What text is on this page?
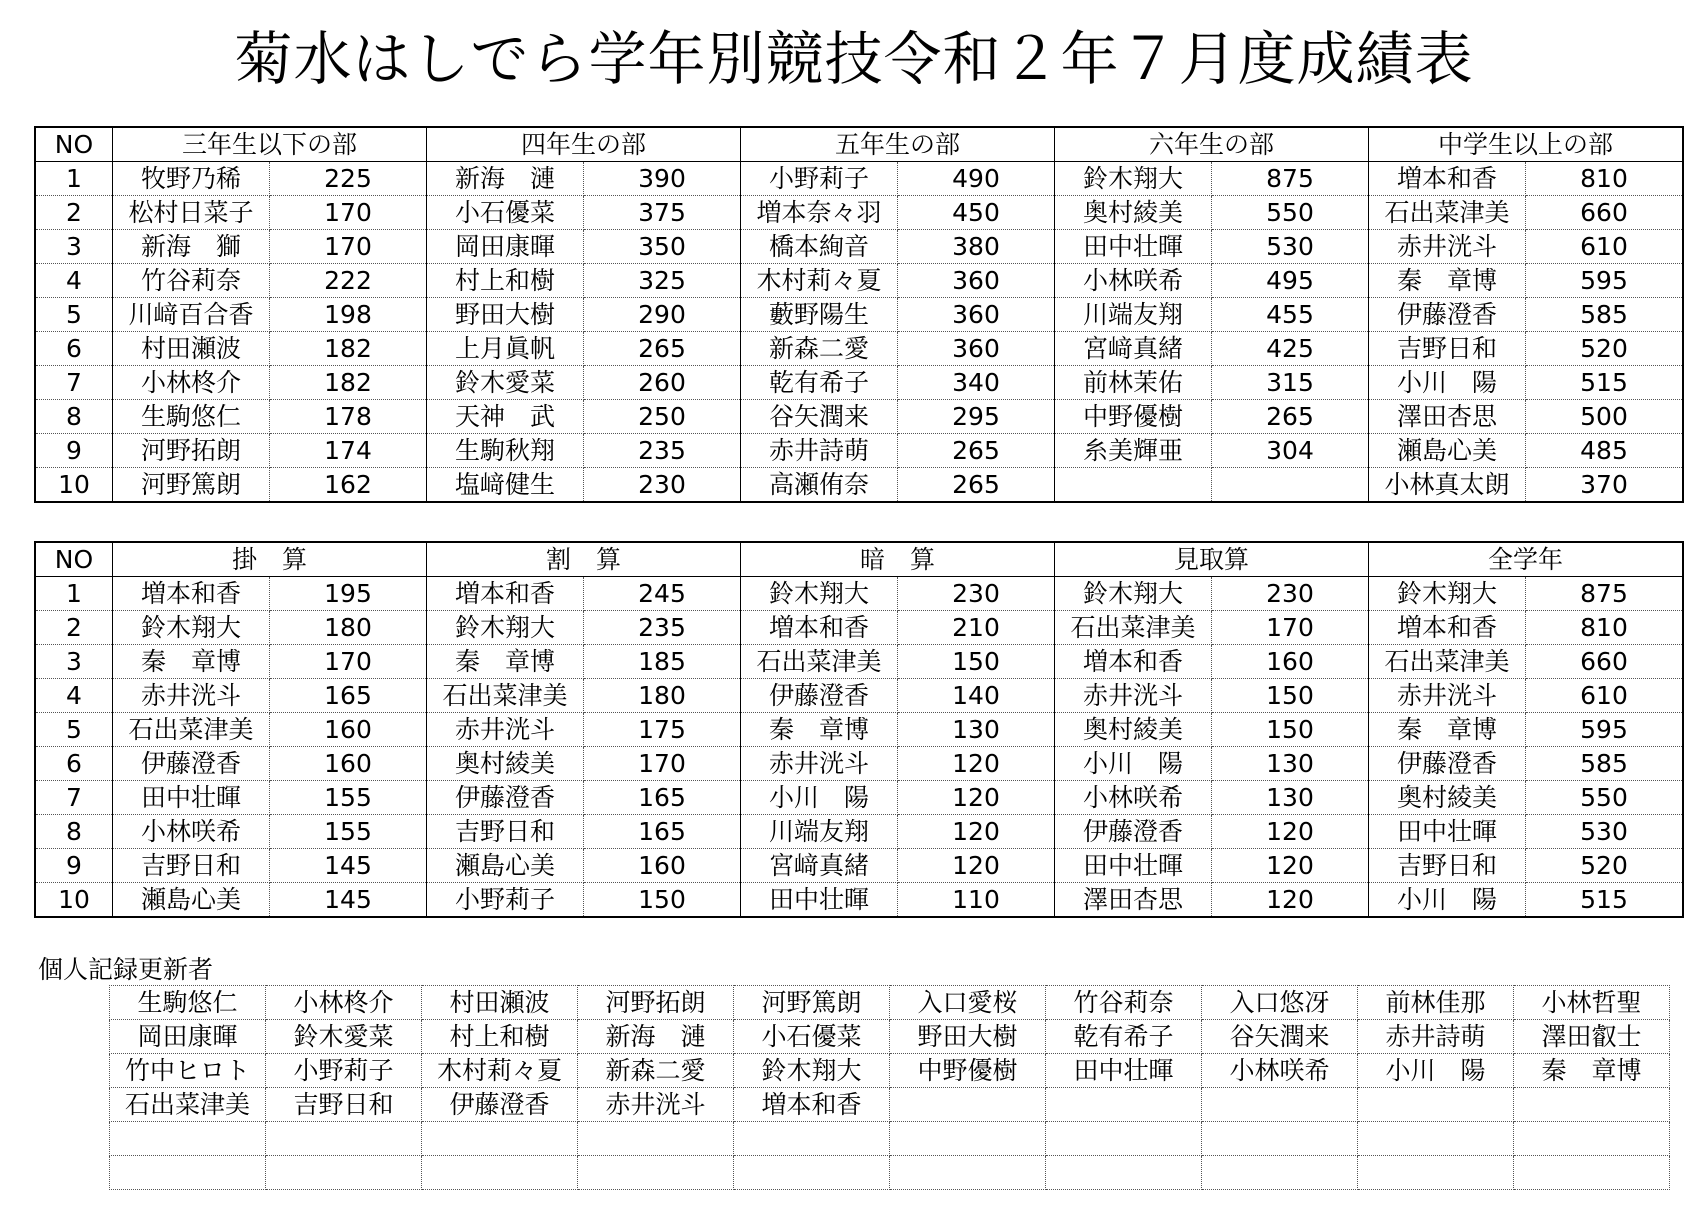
菊水はしでら学年別競技令和２年７月度成績表
NO	三年生以下の部		四年生の部		五年生の部		六年生の部		中学生以上の部	
1	牧野乃稀	225	新海　漣	390	小野莉子	490	鈴木翔大	875	増本和香	810
2	松村日菜子	170	小石優菜	375	増本奈々羽	450	奥村綾美	550	石出菜津美	660
3	新海　獅	170	岡田康暉	350	橋本絢音	380	田中壮暉	530	赤井洸斗	610
4	竹谷莉奈	222	村上和樹	325	木村莉々夏	360	小林咲希	495	秦　章博	595
5	川﨑百合香	198	野田大樹	290	藪野陽生	360	川端友翔	455	伊藤澄香	585
6	村田瀬波	182	上月眞帆	265	新森二愛	360	宮﨑真緒	425	吉野日和	520
7	小林柊介	182	鈴木愛菜	260	乾有希子	340	前林茉佑	315	小川　陽	515
8	生駒悠仁	178	天神　武	250	谷矢潤来	295	中野優樹	265	澤田杏思	500
9	河野拓朗	174	生駒秋翔	235	赤井詩萌	265	糸美輝亜	304	瀬島心美	485
10	河野篤朗	162	塩﨑健生	230	高瀬侑奈	265			小林真太朗	370
NO	掛　算		割　算		暗　算		見取算		全学年	
1	増本和香	195	増本和香	245	鈴木翔大	230	鈴木翔大	230	鈴木翔大	875
2	鈴木翔大	180	鈴木翔大	235	増本和香	210	石出菜津美	170	増本和香	810
3	秦　章博	170	秦　章博	185	石出菜津美	150	増本和香	160	石出菜津美	660
4	赤井洸斗	165	石出菜津美	180	伊藤澄香	140	赤井洸斗	150	赤井洸斗	610
5	石出菜津美	160	赤井洸斗	175	秦　章博	130	奥村綾美	150	秦　章博	595
6	伊藤澄香	160	奥村綾美	170	赤井洸斗	120	小川　陽	130	伊藤澄香	585
7	田中壮暉	155	伊藤澄香	165	小川　陽	120	小林咲希	130	奥村綾美	550
8	小林咲希	155	吉野日和	165	川端友翔	120	伊藤澄香	120	田中壮暉	530
9	吉野日和	145	瀬島心美	160	宮﨑真緒	120	田中壮暉	120	吉野日和	520
10	瀬島心美	145	小野莉子	150	田中壮暉	110	澤田杏思	120	小川　陽	515
個人記録更新者
生駒悠仁	小林柊介	村田瀬波	河野拓朗	河野篤朗	入口愛桜	竹谷莉奈	入口悠冴	前林佳那	小林哲聖
岡田康暉	鈴木愛菜	村上和樹	新海　漣	小石優菜	野田大樹	乾有希子	谷矢潤来	赤井詩萌	澤田叡士
竹中ヒロト	小野莉子	木村莉々夏	新森二愛	鈴木翔大	中野優樹	田中壮暉	小林咲希	小川　陽	秦　章博
石出菜津美	吉野日和	伊藤澄香	赤井洸斗	増本和香					
